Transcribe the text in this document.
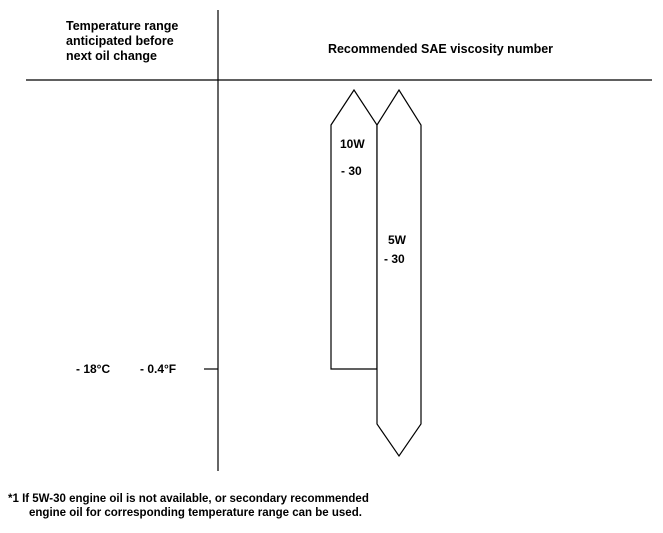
Temperature range
anticipated before
next oil change	Recommended SAE viscosity number
10W
- 30
5W
- 30
- 18°C - 0.4°F
*1 If 5W-30 engine oil is not available, or secondary recommended
engine oil for corresponding temperature range can be used.
